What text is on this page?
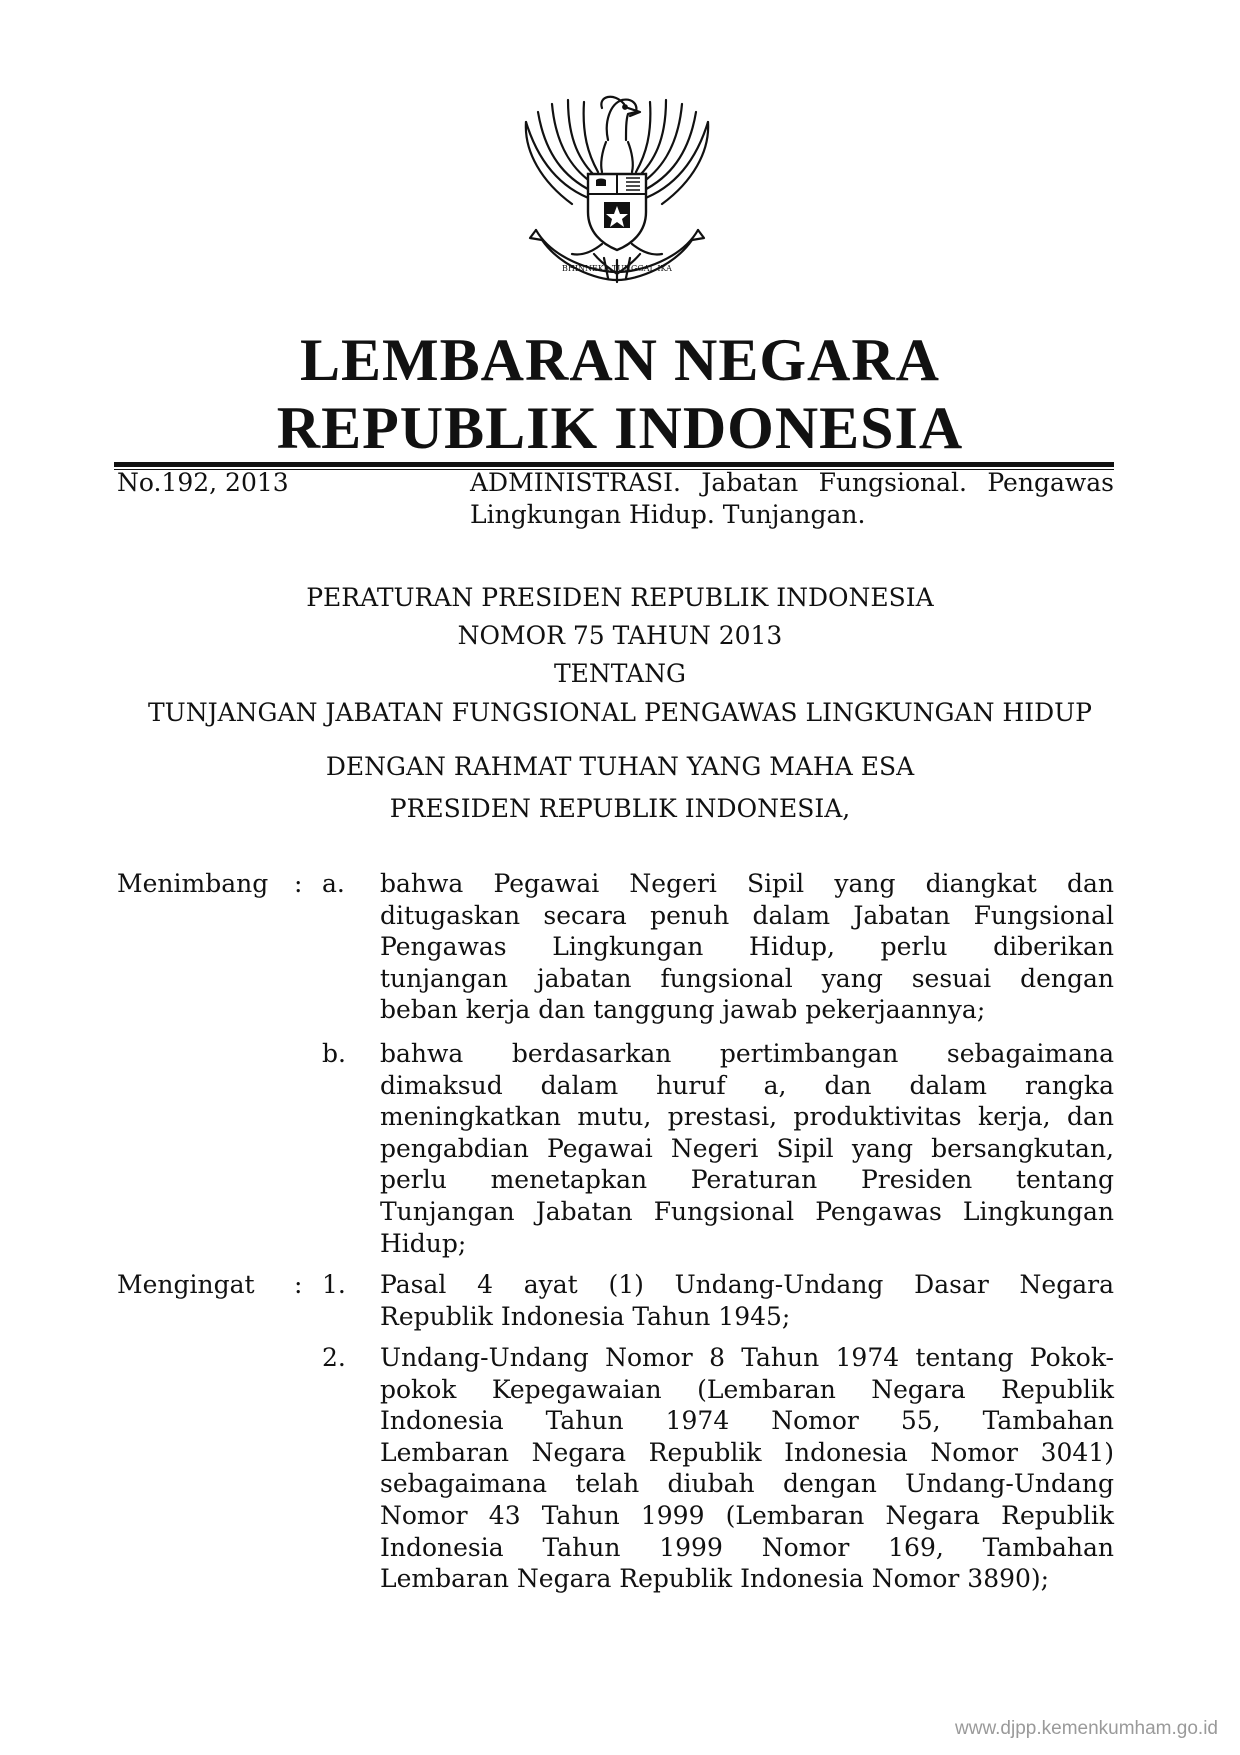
BHINNEKA TUNGGAL IKA
LEMBARAN NEGARA
REPUBLIK INDONESIA
No.192, 2013	ADMINISTRASI. Jabatan Fungsional. Pengawas
Lingkungan Hidup. Tunjangan.
PERATURAN PRESIDEN REPUBLIK INDONESIA
NOMOR 75 TAHUN 2013
TENTANG
TUNJANGAN JABATAN FUNGSIONAL PENGAWAS LINGKUNGAN HIDUP
DENGAN RAHMAT TUHAN YANG MAHA ESA
PRESIDEN REPUBLIK INDONESIA,
Menimbang : a. bahwa Pegawai Negeri Sipil yang diangkat dan
ditugaskan secara penuh dalam Jabatan Fungsional
Pengawas Lingkungan Hidup, perlu diberikan
tunjangan jabatan fungsional yang sesuai dengan
beban kerja dan tanggung jawab pekerjaannya;
b. bahwa berdasarkan pertimbangan sebagaimana
dimaksud dalam huruf a, dan dalam rangka
meningkatkan mutu, prestasi, produktivitas kerja, dan
pengabdian Pegawai Negeri Sipil yang bersangkutan,
perlu menetapkan Peraturan Presiden tentang
Tunjangan Jabatan Fungsional Pengawas Lingkungan
Hidup;
Mengingat : 1. Pasal 4 ayat (1) Undang-Undang Dasar Negara
Republik Indonesia Tahun 1945;
2. Undang-Undang Nomor 8 Tahun 1974 tentang Pokok-
pokok Kepegawaian (Lembaran Negara Republik
Indonesia Tahun 1974 Nomor 55, Tambahan
Lembaran Negara Republik Indonesia Nomor 3041)
sebagaimana telah diubah dengan Undang-Undang
Nomor 43 Tahun 1999 (Lembaran Negara Republik
Indonesia Tahun 1999 Nomor 169, Tambahan
Lembaran Negara Republik Indonesia Nomor 3890);
www.djpp.kemenkumham.go.id
